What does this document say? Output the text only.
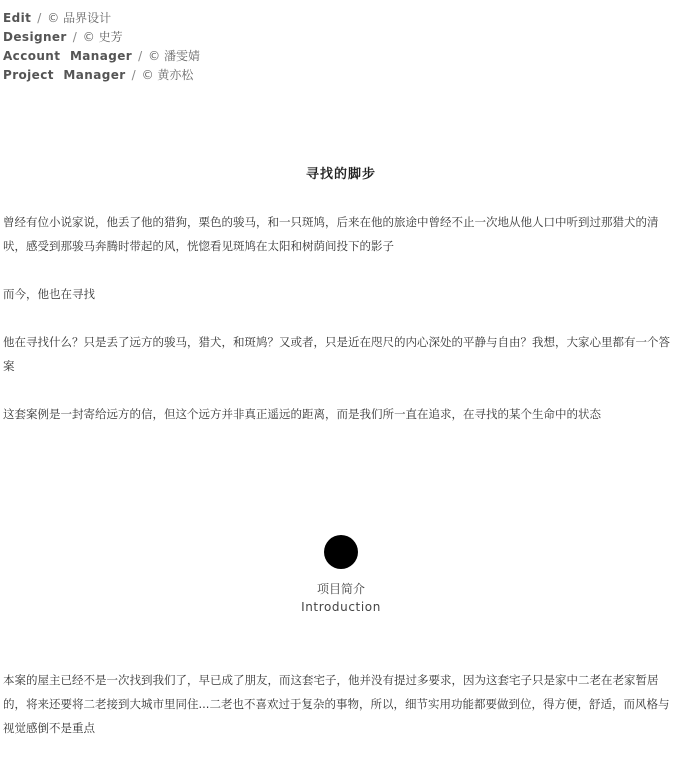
Edit / © 品界设计
Designer / © 史芳
Account Manager / © 潘雯婧
Project Manager / © 黄亦松
寻找的脚步

曾经有位小说家说，他丢了他的猎狗，栗色的骏马，和一只斑鸠，后来在他的旅途中曾经不止一次地从他人口中听到过那猎犬的清吠，感受到那骏马奔腾时带起的风，恍惚看见斑鸠在太阳和树荫间投下的影子

而今，他也在寻找

他在寻找什么？只是丢了远方的骏马，猎犬，和斑鸠？又或者，只是近在咫尺的内心深处的平静与自由？我想，大家心里都有一个答案

这套案例是一封寄给远方的信，但这个远方并非真正遥远的距离，而是我们所一直在追求，在寻找的某个生命中的状态

项目简介
Introduction

本案的屋主已经不是一次找到我们了，早已成了朋友，而这套宅子，他并没有提过多要求，因为这套宅子只是家中二老在老家暂居的，将来还要将二老接到大城市里同住...二老也不喜欢过于复杂的事物，所以，细节实用功能都要做到位，得方便，舒适，而风格与视觉感倒不是重点
